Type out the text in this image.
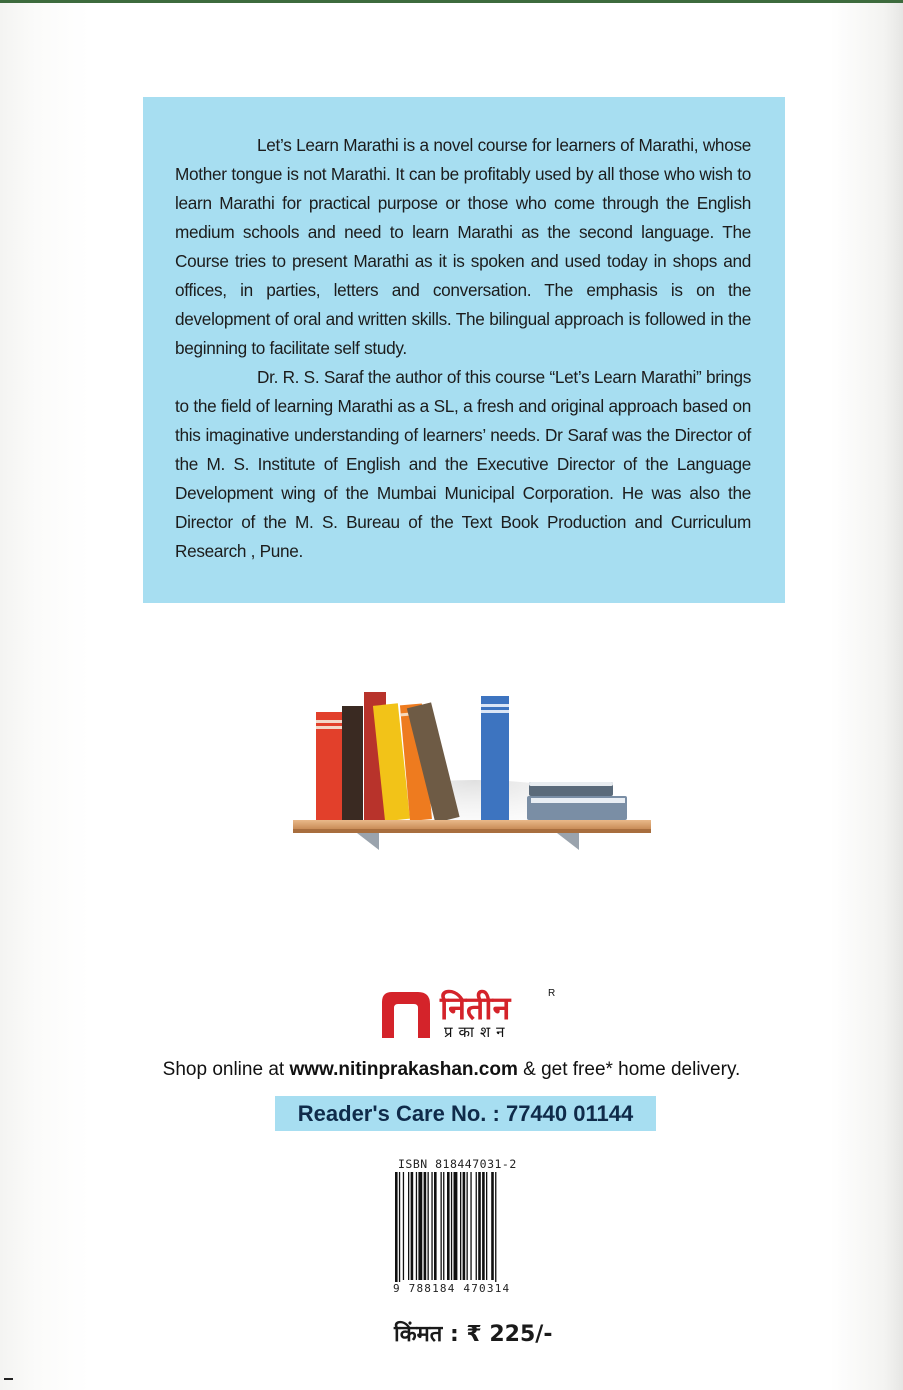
Let’s Learn Marathi is a novel course for learners of Marathi, whose Mother tongue is not Marathi. It can be profitably used by all those who wish to learn Marathi for practical purpose or those who come through the English medium schools and need to learn Marathi as the second language. The Course tries to present Marathi as it is spoken and used today in shops and offices, in parties, letters and conversation. The emphasis is on the development of oral and written skills. The bilingual approach is followed in the beginning to facilitate self study.

Dr. R. S. Saraf the author of this course “Let’s Learn Marathi” brings to the field of learning Marathi as a SL, a fresh and original approach based on this imaginative understanding of learners’ needs. Dr Saraf was the Director of the M. S. Institute of English and the Executive Director of the Language Development wing of the Mumbai Municipal Corporation. He was also the Director of the M. S. Bureau of the Text Book Production and Curriculum Research , Pune.

नितीन
प्रकाशन
R
Shop online at www.nitinprakashan.com & get free* home delivery.
Reader's Care No. : 77440 01144
ISBN 818447031-2
9 788184 470314
किंमत : ₹ 225/-
